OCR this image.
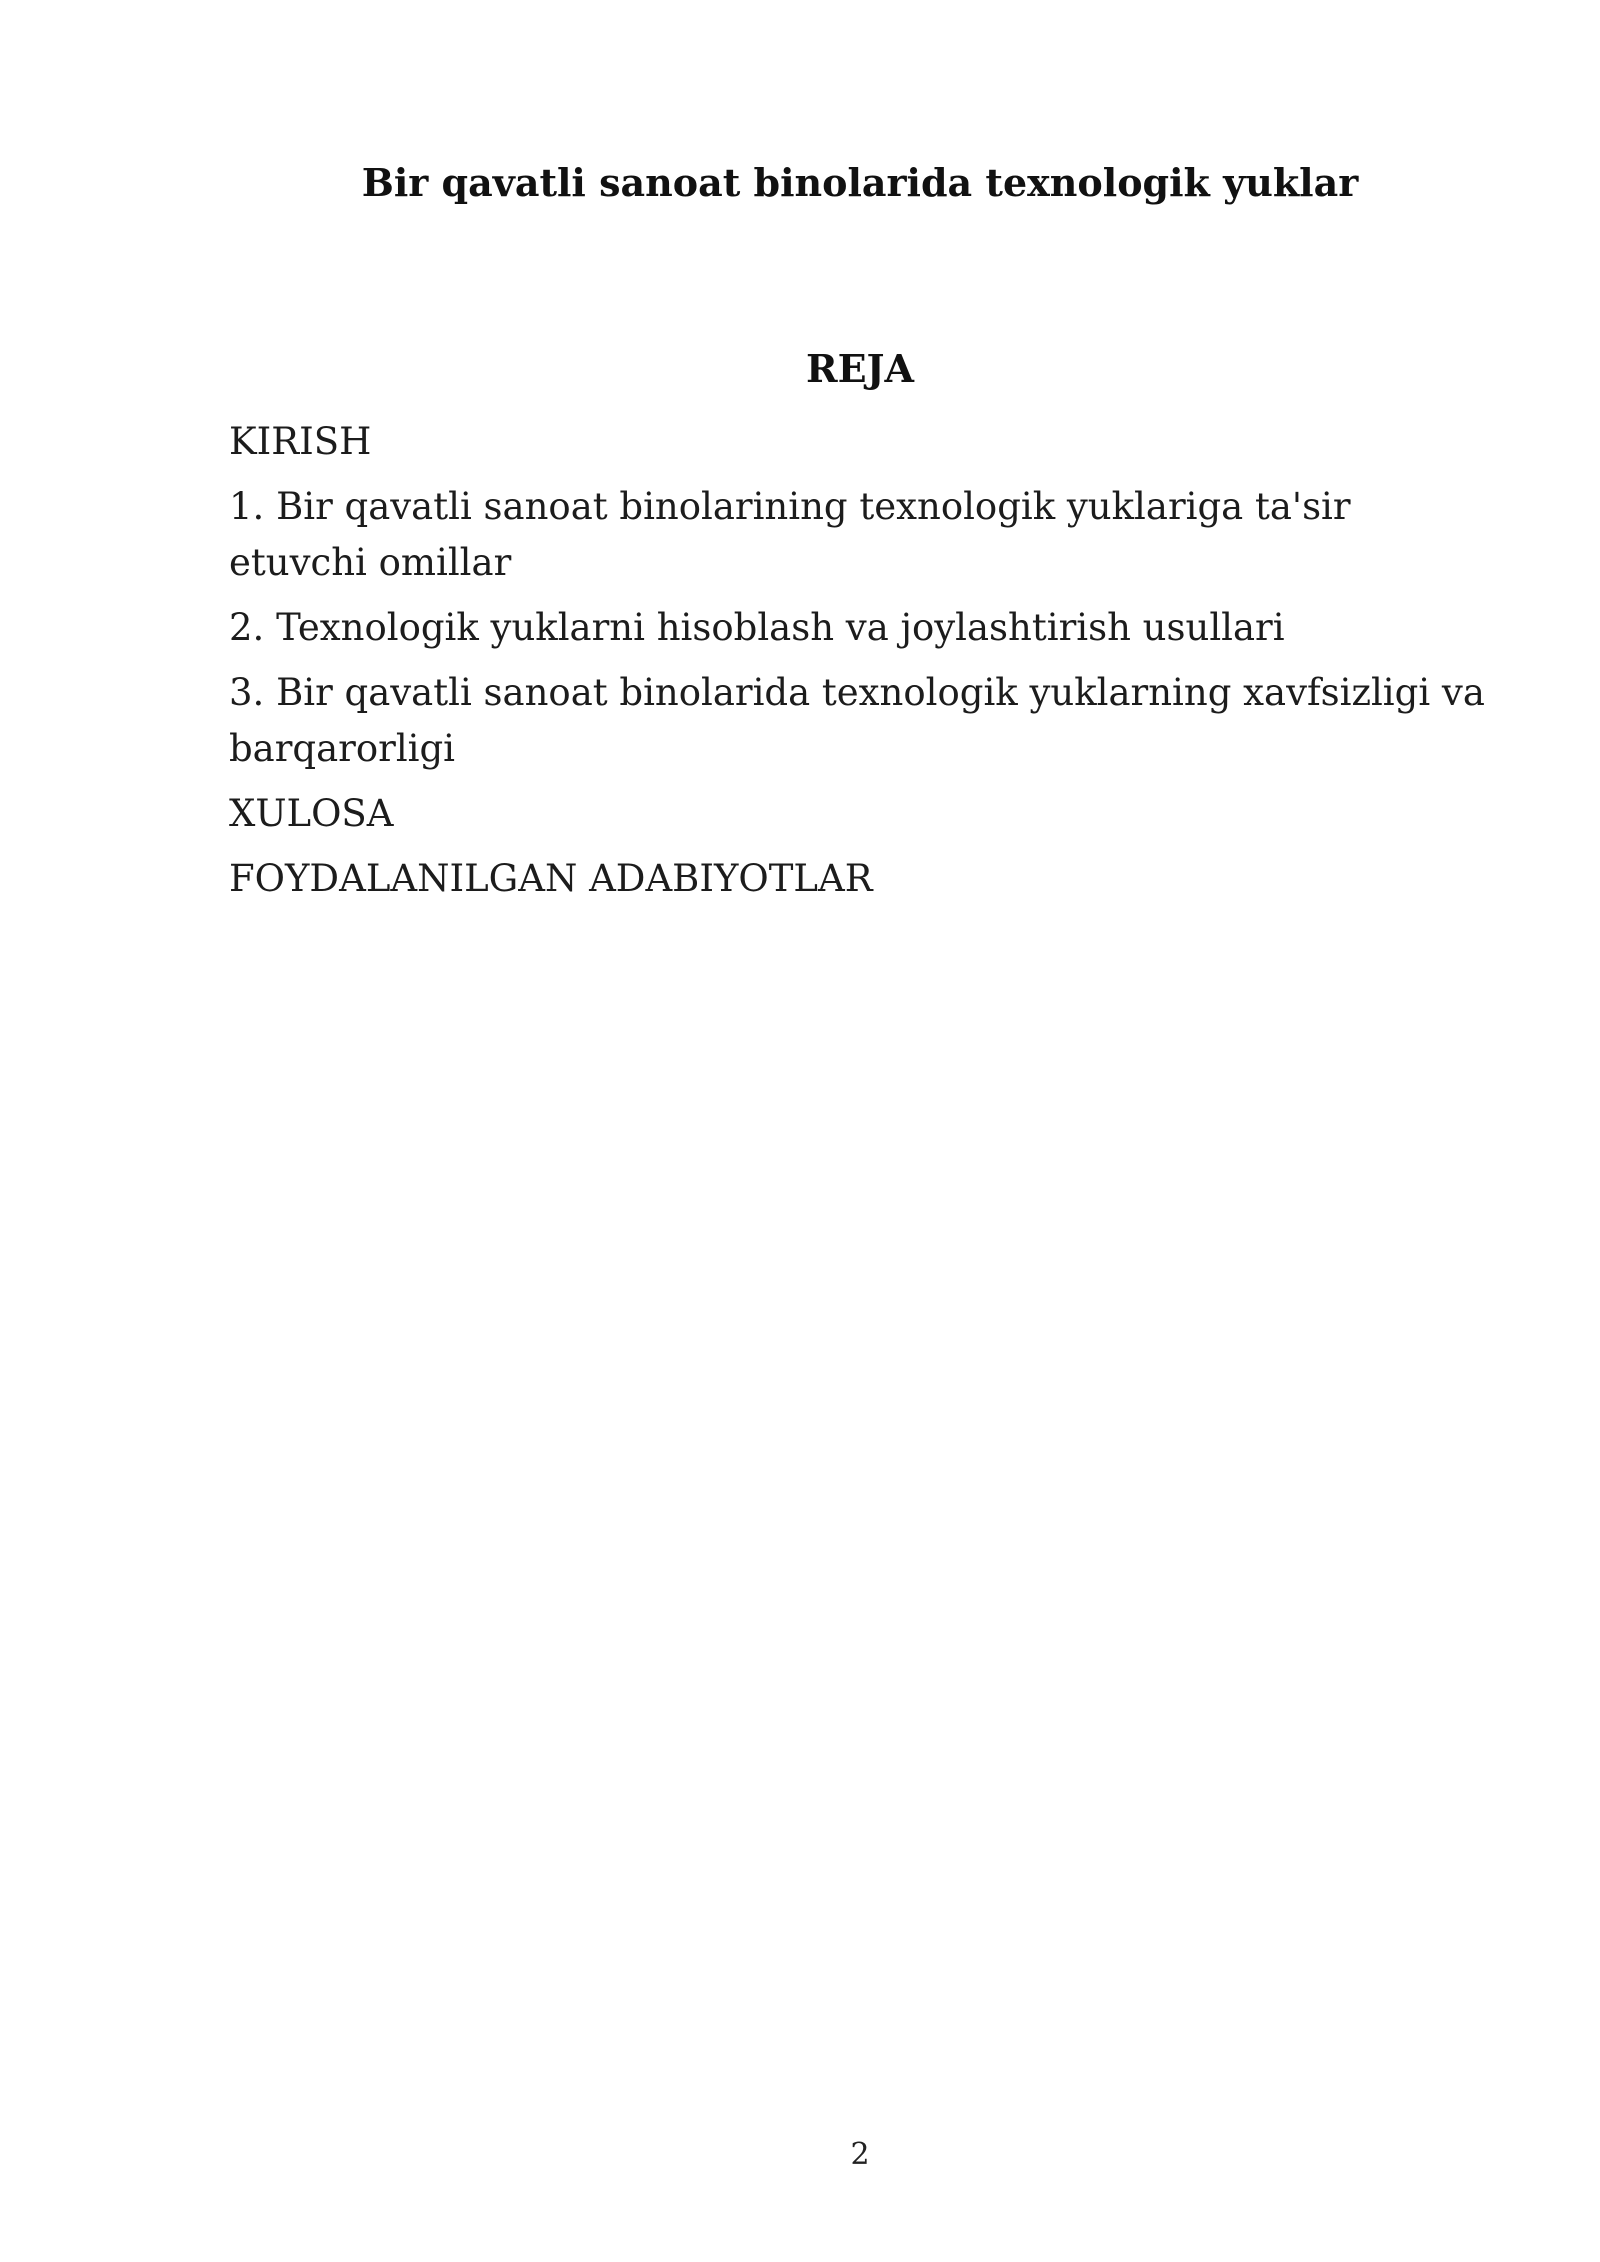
Bir qavatli sanoat binolarida texnologik yuklar
REJA
KIRISH
1. Bir qavatli sanoat binolarining texnologik yuklariga ta'sir etuvchi omillar
2. Texnologik yuklarni hisoblash va joylashtirish usullari
3. Bir qavatli sanoat binolarida texnologik yuklarning xavfsizligi va barqarorligi
XULOSA
FOYDALANILGAN ADABIYOTLAR
2
